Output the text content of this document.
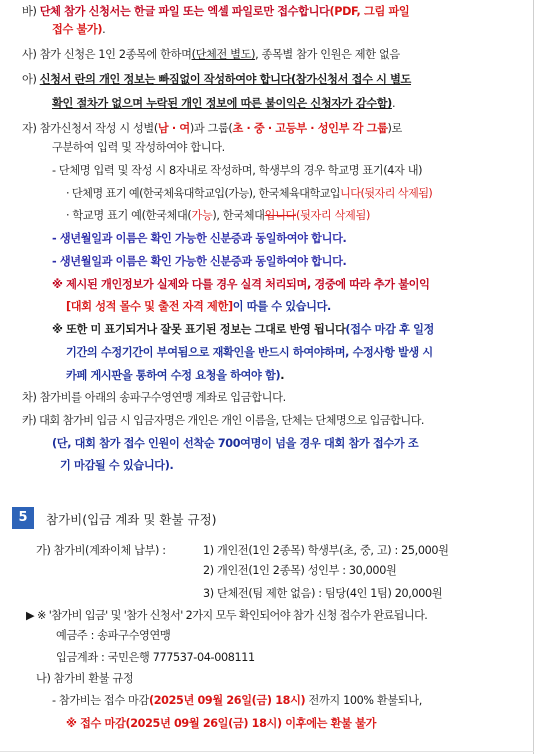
바) 단체 참가 신청서는 한글 파일 또는 엑셀 파일로만 접수합니다(PDF, 그림 파일
접수 불가).
사) 참가 신청은 1인 2종목에 한하며(단체전 별도), 종목별 참가 인원은 제한 없음
아) 신청서 란의 개인 정보는 빠짐없이 작성하여야 합니다(참가신청서 접수 시 별도
확인 절차가 없으며 누락된 개인 정보에 따른 불이익은 신청자가 감수함).
자) 참가신청서 작성 시 성별(남 · 여)과 그룹(초 · 중 · 고등부 · 성인부 각 그룹)로
구분하여 입력 및 작성하여야 합니다.
- 단체명 입력 및 작성 시 8자내로 작성하며, 학생부의 경우 학교명 표기(4자 내)
· 단체명 표기 예(한국체육대학교입(가능), 한국체육대학교입니다(뒷자리 삭제됨)
· 학교명 표기 예(한국체대(가능), 한국체대입니다(뒷자리 삭제됨)
- 생년월일과 이름은 확인 가능한 신분증과 동일하여야 합니다.
- 생년월일과 이름은 확인 가능한 신분증과 동일하여야 합니다.
※ 제시된 개인정보가 실제와 다를 경우 실격 처리되며, 경중에 따라 추가 불이익
[대회 성적 몰수 및 출전 자격 제한]이 따를 수 있습니다.
※ 또한 미 표기되거나 잘못 표기된 정보는 그대로 반영 됩니다(접수 마감 후 일정
기간의 수정기간이 부여됨으로 재확인을 반드시 하여야하며, 수정사항 발생 시
카페 게시판을 통하여 수정 요청을 하여야 함).
차) 참가비를 아래의 송파구수영연맹 계좌로 입금합니다.
카) 대회 참가비 입금 시 입금자명은 개인은 개인 이름을, 단체는 단체명으로 입금합니다.
(단, 대회 참가 접수 인원이 선착순 700여명이 넘을 경우 대회 참가 접수가 조
기 마감될 수 있습니다).
5	참가비(입금 계좌 및 환불 규정)
가) 참가비(계좌이체 납부) :	1) 개인전(1인 2종목) 학생부(초, 중, 고) : 25,000원
2) 개인전(1인 2종목) 성인부 : 30,000원
3) 단체전(팀 제한 없음) : 팀당(4인 1팀) 20,000원
▶ ※ '참가비 입금' 및 '참가 신청서' 2가지 모두 확인되어야 참가 신청 접수가 완료됩니다.
예금주 : 송파구수영연맹
입금계좌 : 국민은행 777537-04-008111
나) 참가비 환불 규정
- 참가비는 접수 마감(2025년 09월 26일(금) 18시) 전까지 100% 환불되나,
※ 접수 마감(2025년 09월 26일(금) 18시) 이후에는 환불 불가
